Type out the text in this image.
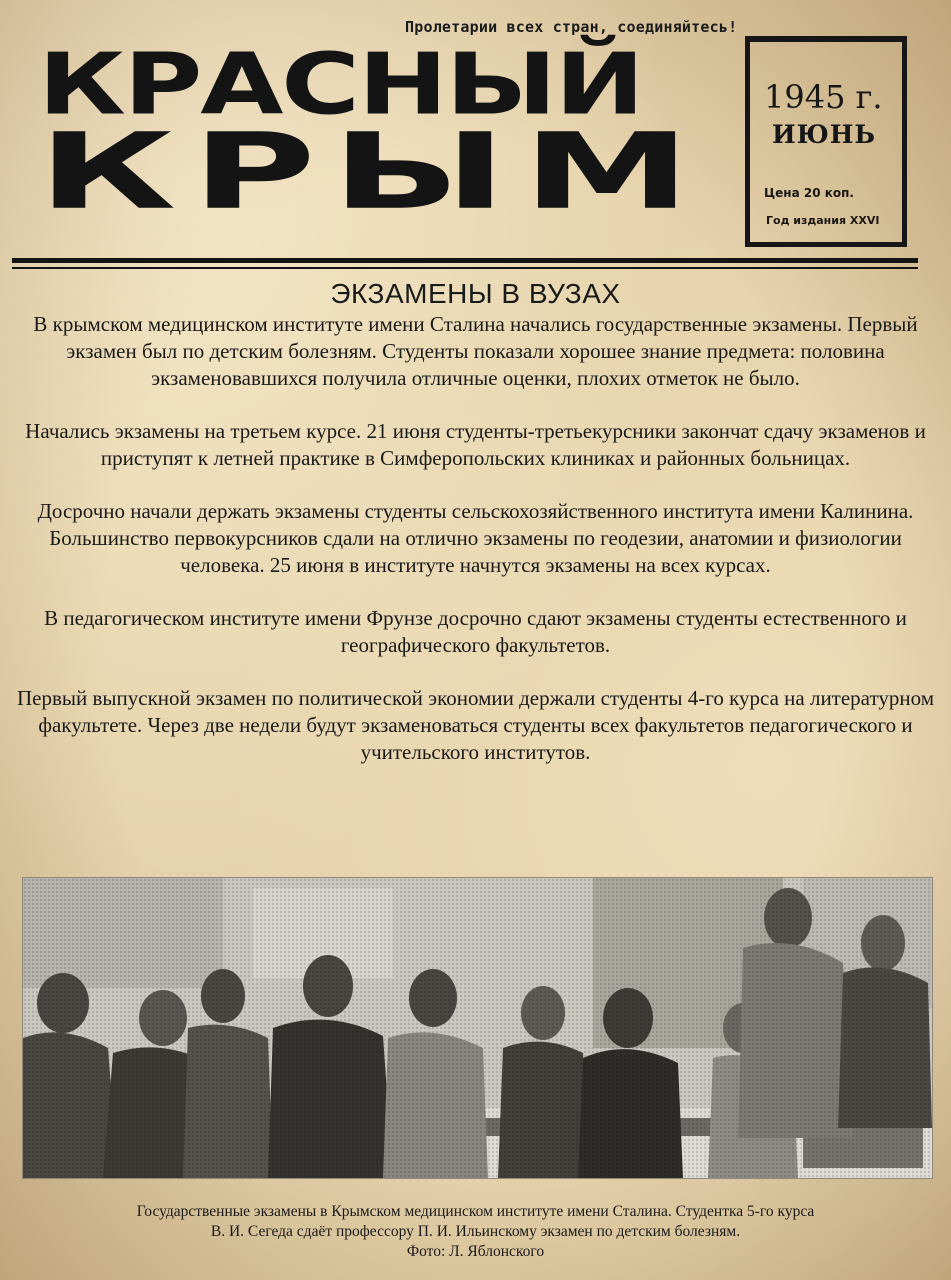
Пролетарии всех стран, соединяйтесь!
КРАСНЫЙ
КРЫМ
1945 г.
ИЮНЬ
Цена 20 коп.
Год издания XXVI
ЭКЗАМЕНЫ В ВУЗАХ

В крымском медицинском институте имени Сталина начались государственные экзамены. Первый экзамен был по детским болезням. Студенты показали хорошее знание предмета: половина экзаменовавшихся получила отличные оценки, плохих отметок не было.

Начались экзамены на третьем курсе. 21 июня студенты-третьекурсники закончат сдачу экзаменов и приступят к летней практике в Симферопольских клиниках и районных больницах.

Досрочно начали держать экзамены студенты сельскохозяйственного института имени Калинина. Большинство первокурсников сдали на отлично экзамены по геодезии, анатомии и физиологии человека. 25 июня в институте начнутся экзамены на всех курсах.

В педагогическом институте имени Фрунзе досрочно сдают экзамены студенты естественного и географического факультетов.

Первый выпускной экзамен по политической экономии держали студенты 4-го курса на литературном факультете. Через две недели будут экзаменоваться студенты всех факультетов педагогического и учительского институтов.

Государственные экзамены в Крымском медицинском институте имени Сталина. Студентка 5-го курса
В. И. Сегеда сдаёт профессору П. И. Ильинскому экзамен по детским болезням.
Фото: Л. Яблонского
